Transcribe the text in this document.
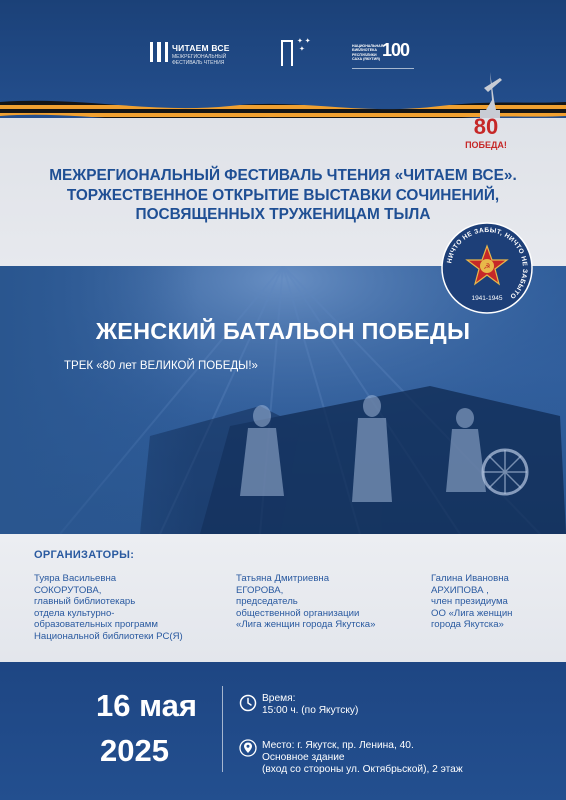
ЧИТАЕМ ВСЕ
МЕЖРЕГИОНАЛЬНЫЙ
ФЕСТИВАЛЬ ЧТЕНИЯ
✦ ✦
✦	НАЦИОНАЛЬНАЯ БИБЛИОТЕКА РЕСПУБЛИКИ САХА (ЯКУТИЯ) 100
80
ПОБЕДА!
МЕЖРЕГИОНАЛЬНЫЙ ФЕСТИВАЛЬ ЧТЕНИЯ «ЧИТАЕМ ВСЕ».
ТОРЖЕСТВЕННОЕ ОТКРЫТИЕ ВЫСТАВКИ СОЧИНЕНИЙ,
ПОСВЯЩЕННЫХ ТРУЖЕНИЦАМ ТЫЛА
НИЧТО НЕ ЗАБЫТ, НИЧТО НЕ ЗАБЫТО
☭
1941-1945
ЖЕНСКИЙ БАТАЛЬОН ПОБЕДЫ
ТРЕК «80 лет ВЕЛИКОЙ ПОБЕДЫ!»
ОРГАНИЗАТОРЫ:
Туяра Васильевна
СОКОРУТОВА,
главный библиотекарь
отдела культурно-
образовательных программ
Национальной библиотеки РС(Я)
Татьяна Дмитриевна
ЕГОРОВА,
председатель
общественной организации
«Лига женщин города Якутска»
Галина Ивановна
АРХИПОВА ,
член президиума
ОО «Лига женщин
города Якутска»
16 мая
2025
Время:
15:00 ч. (по Якутску)
Место: г. Якутск, пр. Ленина, 40.
Основное здание
(вход со стороны ул. Октябрьской), 2 этаж
